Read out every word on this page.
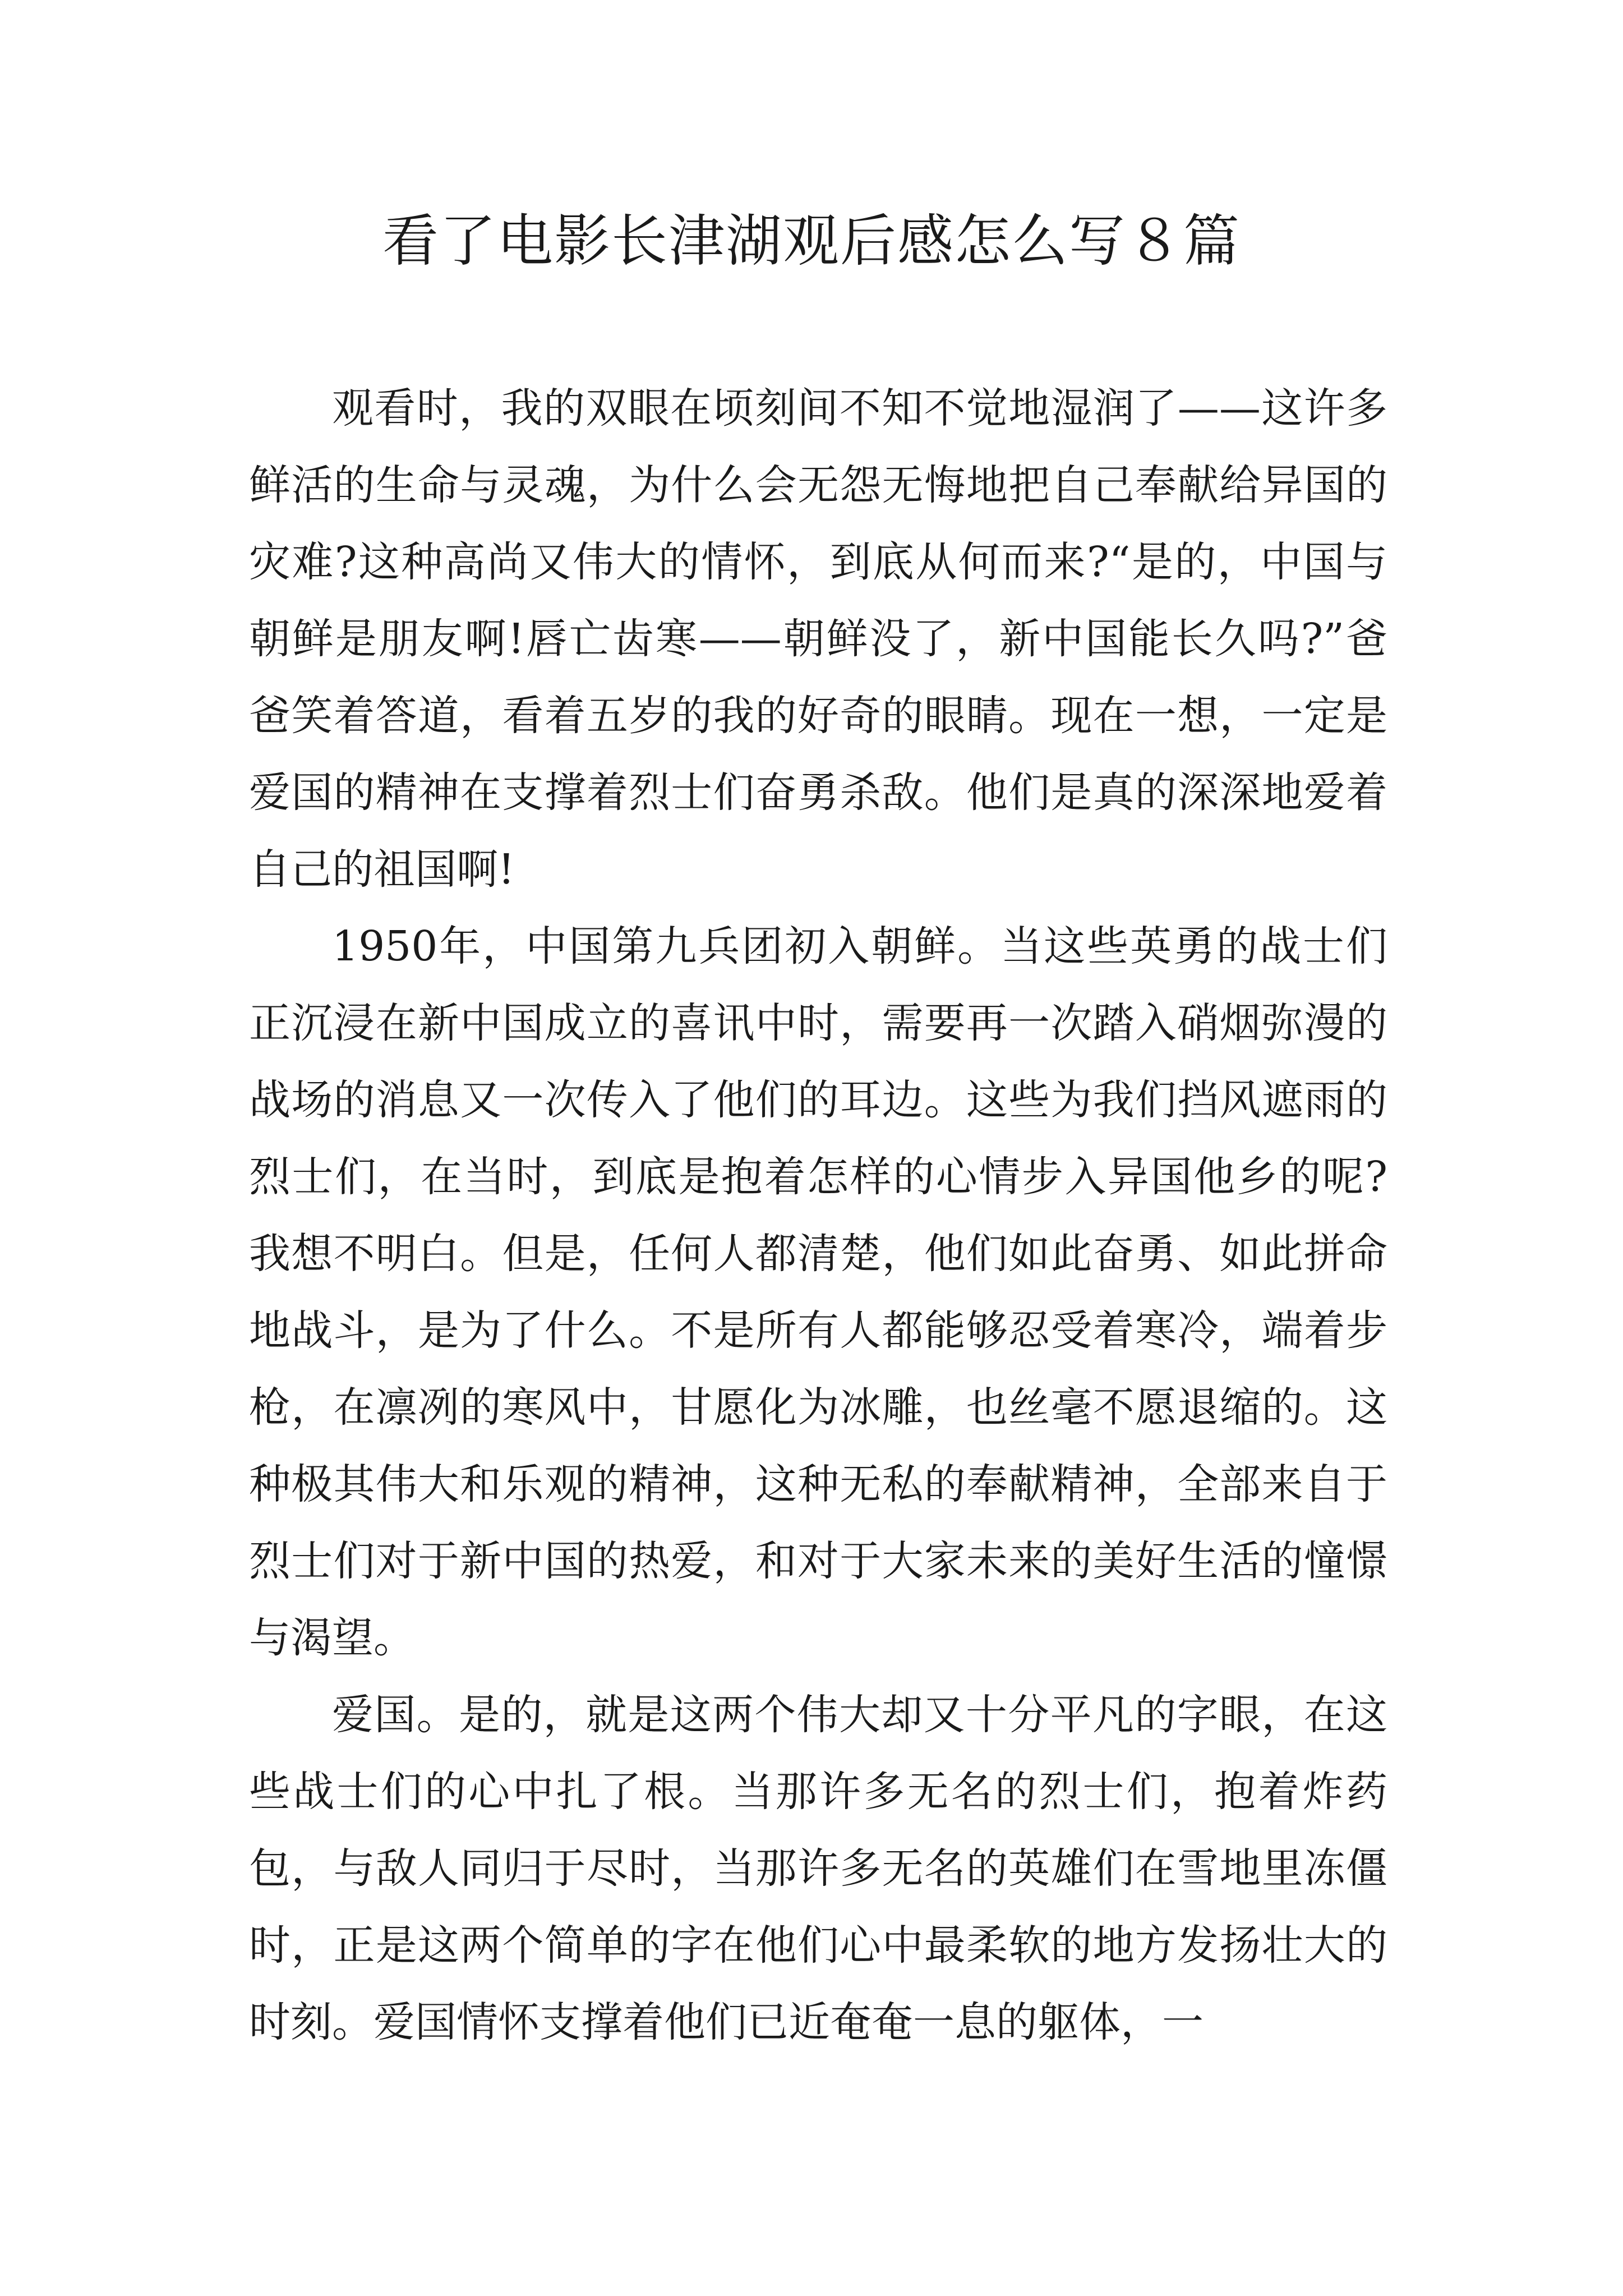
看了电影长津湖观后感怎么写８篇

观看时，我的双眼在顷刻间不知不觉地湿润了——这许多鲜活的生命与灵魂，为什么会无怨无悔地把自己奉献给异国的灾难?这种高尚又伟大的情怀，到底从何而来?“是的，中国与朝鲜是朋友啊!唇亡齿寒——朝鲜没了，新中国能长久吗?”爸爸笑着答道，看着五岁的我的好奇的眼睛。现在一想，一定是爱国的精神在支撑着烈士们奋勇杀敌。他们是真的深深地爱着自己的祖国啊!

1950年，中国第九兵团初入朝鲜。当这些英勇的战士们正沉浸在新中国成立的喜讯中时，需要再一次踏入硝烟弥漫的战场的消息又一次传入了他们的耳边。这些为我们挡风遮雨的烈士们，在当时，到底是抱着怎样的心情步入异国他乡的呢?我想不明白。但是，任何人都清楚，他们如此奋勇、如此拼命地战斗，是为了什么。不是所有人都能够忍受着寒冷，端着步枪，在凛冽的寒风中，甘愿化为冰雕，也丝毫不愿退缩的。这种极其伟大和乐观的精神，这种无私的奉献精神，全部来自于烈士们对于新中国的热爱，和对于大家未来的美好生活的憧憬与渴望。

爱国。是的，就是这两个伟大却又十分平凡的字眼，在这些战士们的心中扎了根。当那许多无名的烈士们，抱着炸药包，与敌人同归于尽时，当那许多无名的英雄们在雪地里冻僵时，正是这两个简单的字在他们心中最柔软的地方发扬壮大的时刻。爱国情怀支撑着他们已近奄奄一息的躯体，一
